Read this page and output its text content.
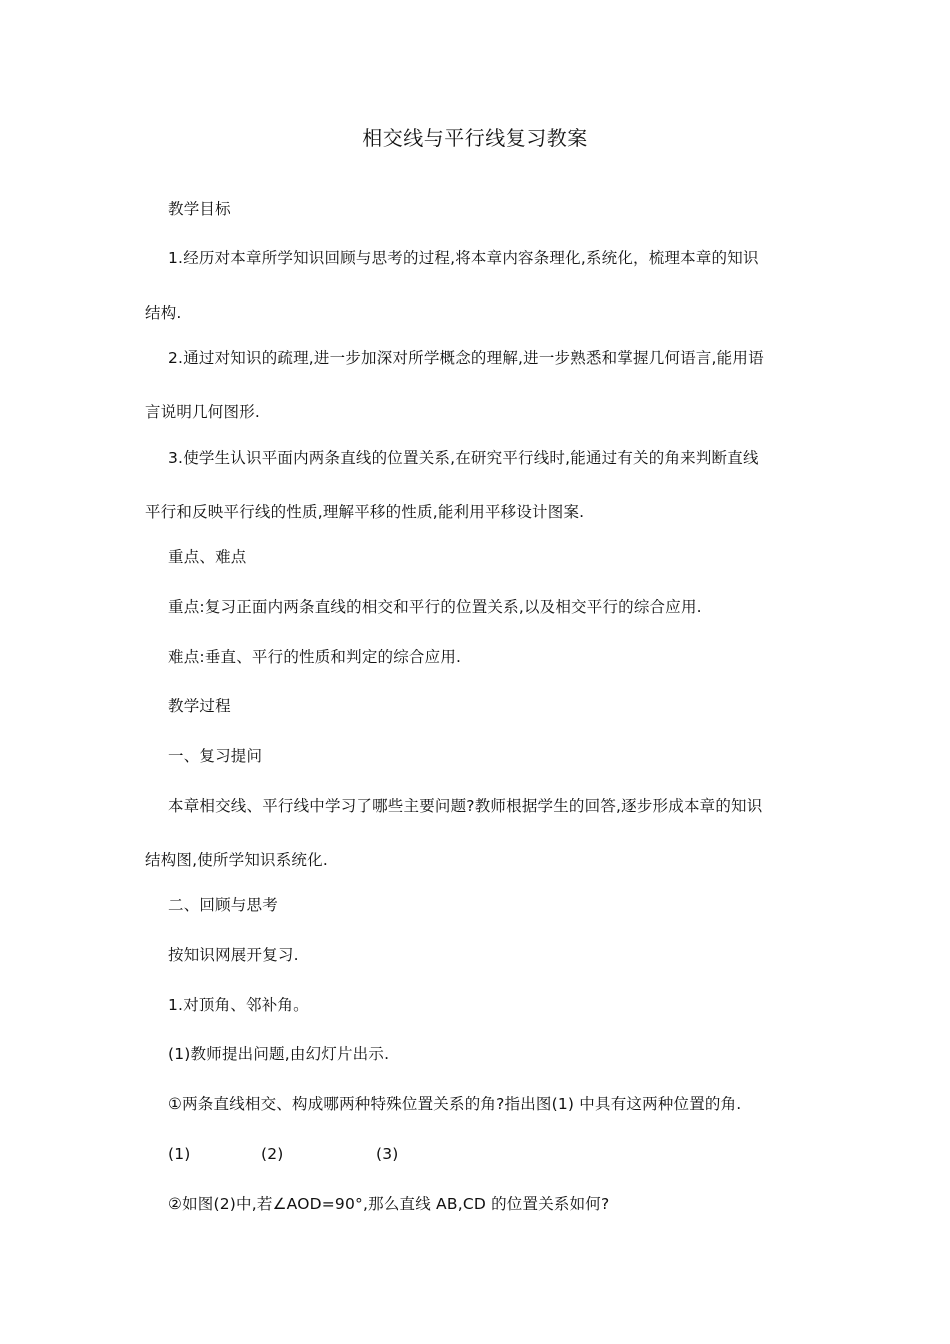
相交线与平行线复习教案
教学目标
1.经历对本章所学知识回顾与思考的过程,将本章内容条理化,系统化，梳理本章的知识
结构.
2.通过对知识的疏理,进一步加深对所学概念的理解,进一步熟悉和掌握几何语言,能用语
言说明几何图形.
3.使学生认识平面内两条直线的位置关系,在研究平行线时,能通过有关的角来判断直线
平行和反映平行线的性质,理解平移的性质,能利用平移设计图案.
重点、难点
重点:复习正面内两条直线的相交和平行的位置关系,以及相交平行的综合应用.
难点:垂直、平行的性质和判定的综合应用.
教学过程
一、复习提问
本章相交线、平行线中学习了哪些主要问题?教师根据学生的回答,逐步形成本章的知识
结构图,使所学知识系统化.
二、回顾与思考
按知识网展开复习.
1.对顶角、邻补角。
(1)教师提出问题,由幻灯片出示.
①两条直线相交、构成哪两种特殊位置关系的角?指出图(1) 中具有这两种位置的角.
(1)	(2)	(3)
②如图(2)中,若∠AOD=90°,那么直线 AB,CD 的位置关系如何?
